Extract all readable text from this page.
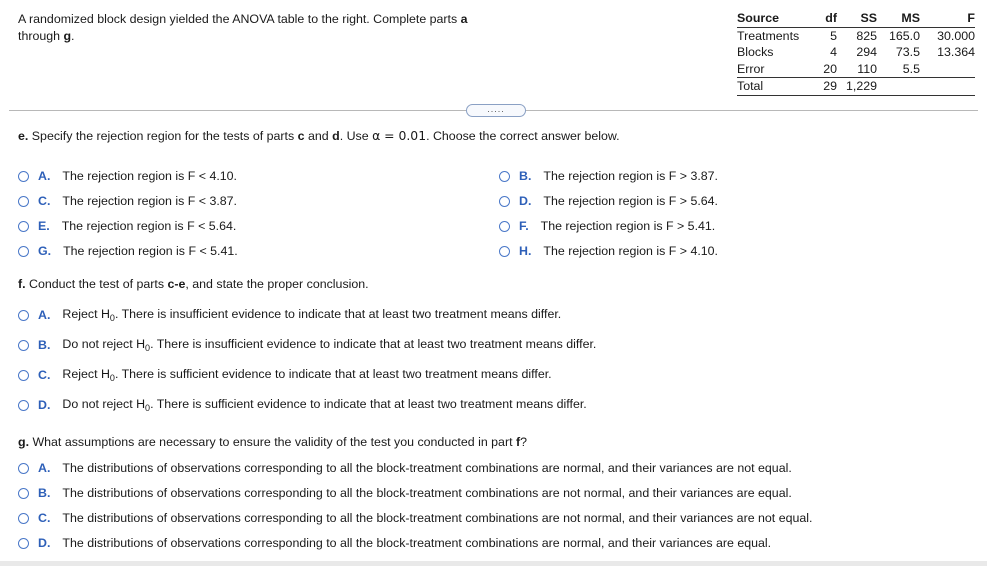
A randomized block design yielded the ANOVA table to the right. Complete parts a
through g.
Source	df	SS	MS	F
Treatments	5	825	165.0	30.000
Blocks	4	294	73.5	13.364
Error	20	110	5.5	
Total	29	1,229		
.....
e. Specify the rejection region for the tests of parts c and d. Use α = 0.01. Choose the correct answer below.
A. The rejection region is F < 4.10.	B. The rejection region is F > 3.87.
C. The rejection region is F < 3.87.	D. The rejection region is F > 5.64.
E. The rejection region is F < 5.64.	F. The rejection region is F > 5.41.
G. The rejection region is F < 5.41.	H. The rejection region is F > 4.10.
f. Conduct the test of parts c-e, and state the proper conclusion.
A. Reject $H_0$. There is insufficient evidence to indicate that at least two treatment means differ.
B. Do not reject $H_0$. There is insufficient evidence to indicate that at least two treatment means differ.
C. Reject $H_0$. There is sufficient evidence to indicate that at least two treatment means differ.
D. Do not reject $H_0$. There is sufficient evidence to indicate that at least two treatment means differ.
g. What assumptions are necessary to ensure the validity of the test you conducted in part f?
A. The distributions of observations corresponding to all the block-treatment combinations are normal, and their variances are not equal.
B. The distributions of observations corresponding to all the block-treatment combinations are not normal, and their variances are equal.
C. The distributions of observations corresponding to all the block-treatment combinations are not normal, and their variances are not equal.
D. The distributions of observations corresponding to all the block-treatment combinations are normal, and their variances are equal.
